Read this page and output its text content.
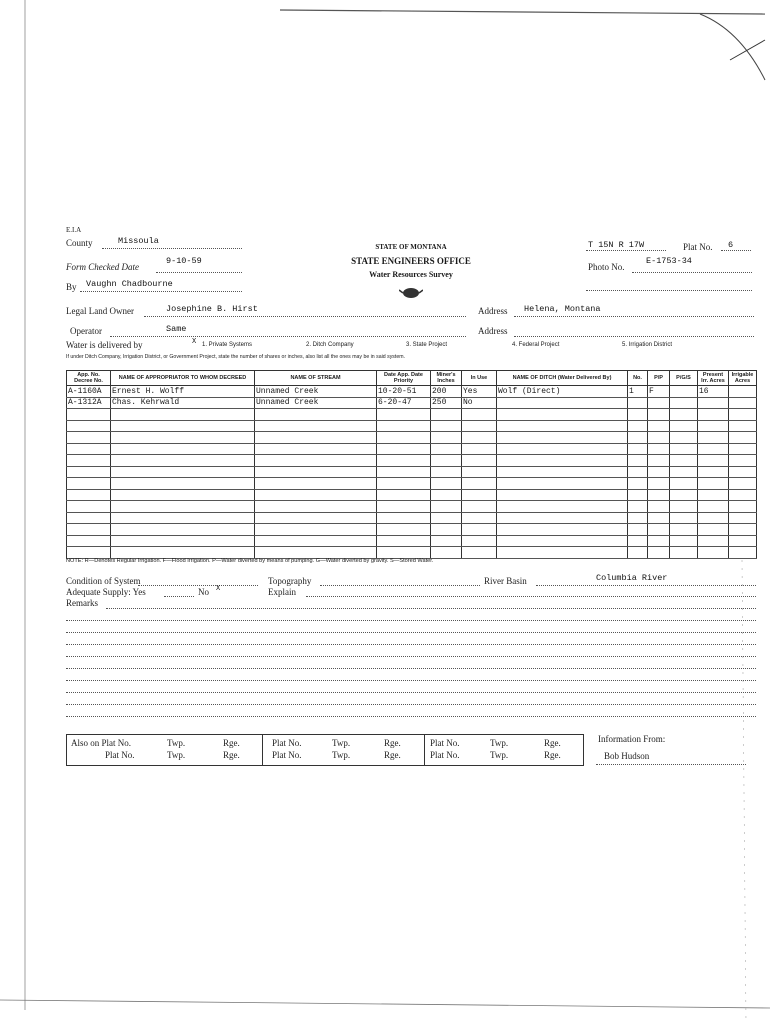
E.I.A
County	Missoula
Form Checked Date
9-10-59
By Vaughn Chadbourne
STATE OF MONTANA
STATE ENGINEERS OFFICE
Water Resources Survey
T 15N R 17W	Plat No. 6
Photo No.
E-1753-34
Legal Land Owner	Josephine B. Hirst	Address Helena, Montana
Operator	Same	Address
Water is delivered by	X 1. Private Systems	2. Ditch Company	3. State Project	4. Federal Project	5. Irrigation District
If under Ditch Company, Irrigation District, or Government Project, state the number of shares or inches, also list all the ones may be in said system.
App. No. Decree No.	NAME OF APPROPRIATOR TO WHOM DECREED	NAME OF STREAM	Date App. Date Priority	Miner's Inches	In Use	NAME OF DITCH (Water Delivered By)	No.	P/P	P/G/S	Present Irr. Acres	Irrigable Acres
A-1160A	Ernest H. Wolff	Unnamed Creek	10-20-51	200	Yes	Wolf (Direct)	1	F		16	
A-1312A	Chas. Kehrwald	Unnamed Creek	6-20-47	250	No						

NOTE: R—Denotes Regular Irrigation. F—Flood Irrigation. P—Water diverted by means of pumping. G—Water diverted by gravity. S—Stored Water.
Condition of System	Topography	River Basin	Columbia River
Adequate Supply: Yes	No X	Explain
Remarks
Also on Plat No.	Twp.	Rge.
Plat No.	Twp.	Rge.
Plat No.	Twp.	Rge.
Plat No.	Twp.	Rge.
Plat No.	Twp.	Rge.
Plat No.	Twp.	Rge.
Information From:
Bob Hudson
